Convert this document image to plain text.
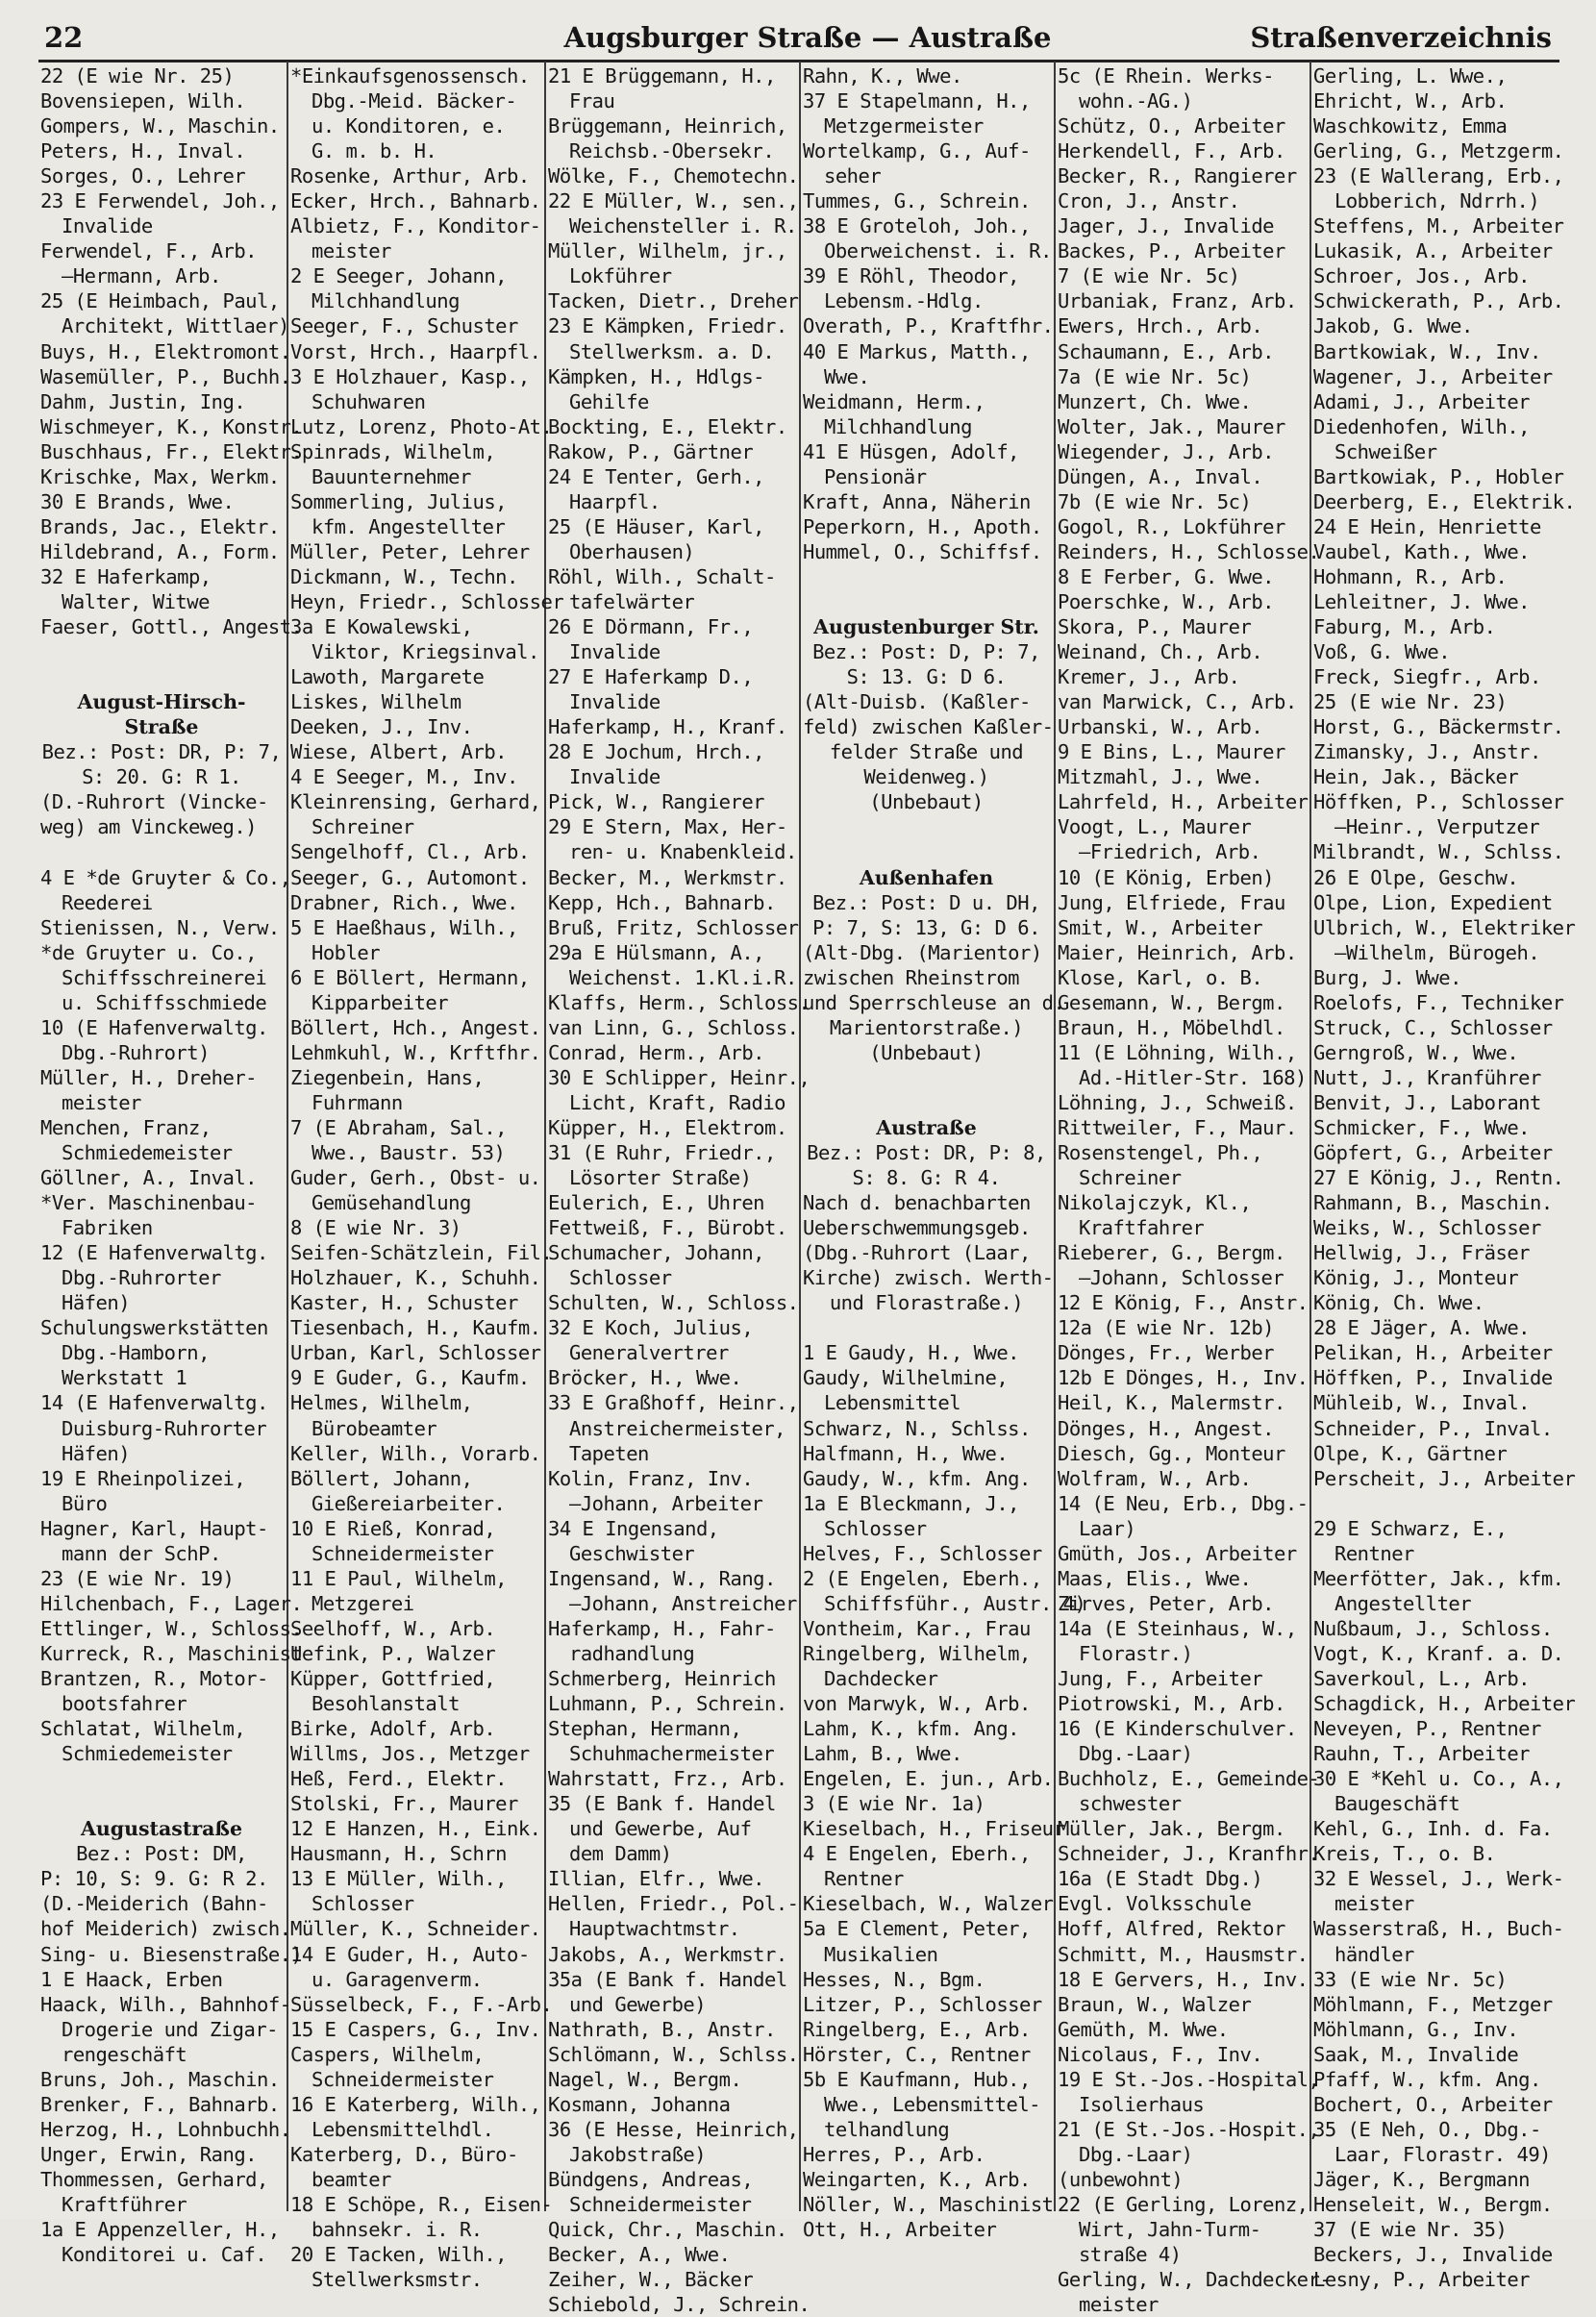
22	Augsburger Straße — Austraße	Straßenverzeichnis
22 (E wie Nr. 25)
Bovensiepen, Wilh.
Gompers, W., Maschin.
Peters, H., Inval.
Sorges, O., Lehrer
23 E Ferwendel, Joh.,
Invalide
Ferwendel, F., Arb.
—Hermann, Arb.
25 (E Heimbach, Paul,
Architekt, Wittlaer)
Buys, H., Elektromont.
Wasemüller, P., Buchh.
Dahm, Justin, Ing.
Wischmeyer, K., Konstr.
Buschhaus, Fr., Elektr.
Krischke, Max, Werkm.
30 E Brands, Wwe.
Brands, Jac., Elektr.
Hildebrand, A., Form.
32 E Haferkamp,
Walter, Witwe
Faeser, Gottl., Angest.
August-Hirsch-
Straße
Bez.: Post: DR, P: 7,
S: 20. G: R 1.
(D.-Ruhrort (Vincke-
weg) am Vinckeweg.)
4 E *de Gruyter & Co.,
Reederei
Stienissen, N., Verw.
*de Gruyter u. Co.,
Schiffsschreinerei
u. Schiffsschmiede
10 (E Hafenverwaltg.
Dbg.-Ruhrort)
Müller, H., Dreher-
meister
Menchen, Franz,
Schmiedemeister
Göllner, A., Inval.
*Ver. Maschinenbau-
Fabriken
12 (E Hafenverwaltg.
Dbg.-Ruhrorter
Häfen)
Schulungswerkstätten
Dbg.-Hamborn,
Werkstatt 1
14 (E Hafenverwaltg.
Duisburg-Ruhrorter
Häfen)
19 E Rheinpolizei,
Büro
Hagner, Karl, Haupt-
mann der SchP.
23 (E wie Nr. 19)
Hilchenbach, F., Lager.
Ettlinger, W., Schloss.
Kurreck, R., Maschinist
Brantzen, R., Motor-
bootsfahrer
Schlatat, Wilhelm,
Schmiedemeister
Augustastraße
Bez.: Post: DM,
P: 10, S: 9. G: R 2.
(D.-Meiderich (Bahn-
hof Meiderich) zwisch.
Sing- u. Biesenstraße.)
1 E Haack, Erben
Haack, Wilh., Bahnhof-
Drogerie und Zigar-
rengeschäft
Bruns, Joh., Maschin.
Brenker, F., Bahnarb.
Herzog, H., Lohnbuchh.
Unger, Erwin, Rang.
Thommessen, Gerhard,
Kraftführer
1a E Appenzeller, H.,
Konditorei u. Caf.
*Einkaufsgenossensch.
Dbg.-Meid. Bäcker-
u. Konditoren, e.
G. m. b. H.
Rosenke, Arthur, Arb.
Ecker, Hrch., Bahnarb.
Albietz, F., Konditor-
meister
2 E Seeger, Johann,
Milchhandlung
Seeger, F., Schuster
Vorst, Hrch., Haarpfl.
3 E Holzhauer, Kasp.,
Schuhwaren
Lutz, Lorenz, Photo-At.
Spinrads, Wilhelm,
Bauunternehmer
Sommerling, Julius,
kfm. Angestellter
Müller, Peter, Lehrer
Dickmann, W., Techn.
Heyn, Friedr., Schlosser
3a E Kowalewski,
Viktor, Kriegsinval.
Lawoth, Margarete
Liskes, Wilhelm
Deeken, J., Inv.
Wiese, Albert, Arb.
4 E Seeger, M., Inv.
Kleinrensing, Gerhard,
Schreiner
Sengelhoff, Cl., Arb.
Seeger, G., Automont.
Drabner, Rich., Wwe.
5 E Haeßhaus, Wilh.,
Hobler
6 E Böllert, Hermann,
Kipparbeiter
Böllert, Hch., Angest.
Lehmkuhl, W., Krftfhr.
Ziegenbein, Hans,
Fuhrmann
7 (E Abraham, Sal.,
Wwe., Baustr. 53)
Guder, Gerh., Obst- u.
Gemüsehandlung
8 (E wie Nr. 3)
Seifen-Schätzlein, Fil.
Holzhauer, K., Schuhh.
Kaster, H., Schuster
Tiesenbach, H., Kaufm.
Urban, Karl, Schlosser
9 E Guder, G., Kaufm.
Helmes, Wilhelm,
Bürobeamter
Keller, Wilh., Vorarb.
Böllert, Johann,
Gießereiarbeiter.
10 E Rieß, Konrad,
Schneidermeister
11 E Paul, Wilhelm,
Metzgerei
Seelhoff, W., Arb.
Uefink, P., Walzer
Küpper, Gottfried,
Besohlanstalt
Birke, Adolf, Arb.
Willms, Jos., Metzger
Heß, Ferd., Elektr.
Stolski, Fr., Maurer
12 E Hanzen, H., Eink.
Hausmann, H., Schrn
13 E Müller, Wilh.,
Schlosser
Müller, K., Schneider.
14 E Guder, H., Auto-
u. Garagenverm.
Süsselbeck, F., F.-Arb.
15 E Caspers, G., Inv.
Caspers, Wilhelm,
Schneidermeister
16 E Katerberg, Wilh.,
Lebensmittelhdl.
Katerberg, D., Büro-
beamter
18 E Schöpe, R., Eisen-
bahnsekr. i. R.
20 E Tacken, Wilh.,
Stellwerksmstr.
21 E Brüggemann, H.,
Frau
Brüggemann, Heinrich,
Reichsb.-Obersekr.
Wölke, F., Chemotechn.
22 E Müller, W., sen.,
Weichensteller i. R.
Müller, Wilhelm, jr.,
Lokführer
Tacken, Dietr., Dreher
23 E Kämpken, Friedr.
Stellwerksm. a. D.
Kämpken, H., Hdlgs-
Gehilfe
Bockting, E., Elektr.
Rakow, P., Gärtner
24 E Tenter, Gerh.,
Haarpfl.
25 (E Häuser, Karl,
Oberhausen)
Röhl, Wilh., Schalt-
tafelwärter
26 E Dörmann, Fr.,
Invalide
27 E Haferkamp D.,
Invalide
Haferkamp, H., Kranf.
28 E Jochum, Hrch.,
Invalide
Pick, W., Rangierer
29 E Stern, Max, Her-
ren- u. Knabenkleid.
Becker, M., Werkmstr.
Kepp, Hch., Bahnarb.
Bruß, Fritz, Schlosser
29a E Hülsmann, A.,
Weichenst. 1.Kl.i.R.
Klaffs, Herm., Schloss.
van Linn, G., Schloss.
Conrad, Herm., Arb.
30 E Schlipper, Heinr.,
Licht, Kraft, Radio
Küpper, H., Elektrom.
31 (E Ruhr, Friedr.,
Lösorter Straße)
Eulerich, E., Uhren
Fettweiß, F., Bürobt.
Schumacher, Johann,
Schlosser
Schulten, W., Schloss.
32 E Koch, Julius,
Generalvertrer
Bröcker, H., Wwe.
33 E Graßhoff, Heinr.,
Anstreichermeister,
Tapeten
Kolin, Franz, Inv.
—Johann, Arbeiter
34 E Ingensand,
Geschwister
Ingensand, W., Rang.
—Johann, Anstreicher
Haferkamp, H., Fahr-
radhandlung
Schmerberg, Heinrich
Luhmann, P., Schrein.
Stephan, Hermann,
Schuhmachermeister
Wahrstatt, Frz., Arb.
35 (E Bank f. Handel
und Gewerbe, Auf
dem Damm)
Illian, Elfr., Wwe.
Hellen, Friedr., Pol.-
Hauptwachtmstr.
Jakobs, A., Werkmstr.
35a (E Bank f. Handel
und Gewerbe)
Nathrath, B., Anstr.
Schlömann, W., Schlss.
Nagel, W., Bergm.
Kosmann, Johanna
36 (E Hesse, Heinrich,
Jakobstraße)
Bündgens, Andreas,
Schneidermeister
Quick, Chr., Maschin.
Becker, A., Wwe.
Zeiher, W., Bäcker
Schiebold, J., Schrein.
Rahn, K., Wwe.
37 E Stapelmann, H.,
Metzgermeister
Wortelkamp, G., Auf-
seher
Tummes, G., Schrein.
38 E Groteloh, Joh.,
Oberweichenst. i. R.
39 E Röhl, Theodor,
Lebensm.-Hdlg.
Overath, P., Kraftfhr.
40 E Markus, Matth.,
Wwe.
Weidmann, Herm.,
Milchhandlung
41 E Hüsgen, Adolf,
Pensionär
Kraft, Anna, Näherin
Peperkorn, H., Apoth.
Hummel, O., Schiffsf.
Augustenburger Str.
Bez.: Post: D, P: 7,
S: 13. G: D 6.
(Alt-Duisb. (Kaßler-
feld) zwischen Kaßler-
felder Straße und
Weidenweg.)
(Unbebaut)
Außenhafen
Bez.: Post: D u. DH,
P: 7, S: 13, G: D 6.
(Alt-Dbg. (Marientor)
zwischen Rheinstrom
und Sperrschleuse an d.
Marientorstraße.)
(Unbebaut)
Austraße
Bez.: Post: DR, P: 8,
S: 8. G: R 4.
Nach d. benachbarten
Ueberschwemmungsgeb.
(Dbg.-Ruhrort (Laar,
Kirche) zwisch. Werth-
und Florastraße.)
1 E Gaudy, H., Wwe.
Gaudy, Wilhelmine,
Lebensmittel
Schwarz, N., Schlss.
Halfmann, H., Wwe.
Gaudy, W., kfm. Ang.
1a E Bleckmann, J.,
Schlosser
Helves, F., Schlosser
2 (E Engelen, Eberh.,
Schiffsführ., Austr. 4)
Vontheim, Kar., Frau
Ringelberg, Wilhelm,
Dachdecker
von Marwyk, W., Arb.
Lahm, K., kfm. Ang.
Lahm, B., Wwe.
Engelen, E. jun., Arb.
3 (E wie Nr. 1a)
Kieselbach, H., Friseur
4 E Engelen, Eberh.,
Rentner
Kieselbach, W., Walzer
5a E Clement, Peter,
Musikalien
Hesses, N., Bgm.
Litzer, P., Schlosser
Ringelberg, E., Arb.
Hörster, C., Rentner
5b E Kaufmann, Hub.,
Wwe., Lebensmittel-
telhandlung
Herres, P., Arb.
Weingarten, K., Arb.
Nöller, W., Maschinist
Ott, H., Arbeiter
5c (E Rhein. Werks-
wohn.-AG.)
Schütz, O., Arbeiter
Herkendell, F., Arb.
Becker, R., Rangierer
Cron, J., Anstr.
Jager, J., Invalide
Backes, P., Arbeiter
7 (E wie Nr. 5c)
Urbaniak, Franz, Arb.
Ewers, Hrch., Arb.
Schaumann, E., Arb.
7a (E wie Nr. 5c)
Munzert, Ch. Wwe.
Wolter, Jak., Maurer
Wiegender, J., Arb.
Düngen, A., Inval.
7b (E wie Nr. 5c)
Gogol, R., Lokführer
Reinders, H., Schlosse.
8 E Ferber, G. Wwe.
Poerschke, W., Arb.
Skora, P., Maurer
Weinand, Ch., Arb.
Kremer, J., Arb.
van Marwick, C., Arb.
Urbanski, W., Arb.
9 E Bins, L., Maurer
Mitzmahl, J., Wwe.
Lahrfeld, H., Arbeiter
Voogt, L., Maurer
—Friedrich, Arb.
10 (E König, Erben)
Jung, Elfriede, Frau
Smit, W., Arbeiter
Maier, Heinrich, Arb.
Klose, Karl, o. B.
Gesemann, W., Bergm.
Braun, H., Möbelhdl.
11 (E Löhning, Wilh.,
Ad.-Hitler-Str. 168)
Löhning, J., Schweiß.
Rittweiler, F., Maur.
Rosenstengel, Ph.,
Schreiner
Nikolajczyk, Kl.,
Kraftfahrer
Rieberer, G., Bergm.
—Johann, Schlosser
12 E König, F., Anstr.
12a (E wie Nr. 12b)
Dönges, Fr., Werber
12b E Dönges, H., Inv.
Heil, K., Malermstr.
Dönges, H., Angest.
Diesch, Gg., Monteur
Wolfram, W., Arb.
14 (E Neu, Erb., Dbg.-
Laar)
Gmüth, Jos., Arbeiter
Maas, Elis., Wwe.
Zirves, Peter, Arb.
14a (E Steinhaus, W.,
Florastr.)
Jung, F., Arbeiter
Piotrowski, M., Arb.
16 (E Kinderschulver.
Dbg.-Laar)
Buchholz, E., Gemeinde-
schwester
Müller, Jak., Bergm.
Schneider, J., Kranfhr.
16a (E Stadt Dbg.)
Evgl. Volksschule
Hoff, Alfred, Rektor
Schmitt, M., Hausmstr.
18 E Gervers, H., Inv.
Braun, W., Walzer
Gemüth, M. Wwe.
Nicolaus, F., Inv.
19 E St.-Jos.-Hospital,
Isolierhaus
21 (E St.-Jos.-Hospit.,
Dbg.-Laar)
(unbewohnt)
22 (E Gerling, Lorenz,
Wirt, Jahn-Turm-
straße 4)
Gerling, W., Dachdecker-
meister
Gerling, L. Wwe.,
Ehricht, W., Arb.
Waschkowitz, Emma
Gerling, G., Metzgerm.
23 (E Wallerang, Erb.,
Lobberich, Ndrrh.)
Steffens, M., Arbeiter
Lukasik, A., Arbeiter
Schroer, Jos., Arb.
Schwickerath, P., Arb.
Jakob, G. Wwe.
Bartkowiak, W., Inv.
Wagener, J., Arbeiter
Adami, J., Arbeiter
Diedenhofen, Wilh.,
Schweißer
Bartkowiak, P., Hobler
Deerberg, E., Elektrik.
24 E Hein, Henriette
Vaubel, Kath., Wwe.
Hohmann, R., Arb.
Lehleitner, J. Wwe.
Faburg, M., Arb.
Voß, G. Wwe.
Freck, Siegfr., Arb.
25 (E wie Nr. 23)
Horst, G., Bäckermstr.
Zimansky, J., Anstr.
Hein, Jak., Bäcker
Höffken, P., Schlosser
—Heinr., Verputzer
Milbrandt, W., Schlss.
26 E Olpe, Geschw.
Olpe, Lion, Expedient
Ulbrich, W., Elektriker
—Wilhelm, Bürogeh.
Burg, J. Wwe.
Roelofs, F., Techniker
Struck, C., Schlosser
Gerngroß, W., Wwe.
Nutt, J., Kranführer
Benvit, J., Laborant
Schmicker, F., Wwe.
Göpfert, G., Arbeiter
27 E König, J., Rentn.
Rahmann, B., Maschin.
Weiks, W., Schlosser
Hellwig, J., Fräser
König, J., Monteur
König, Ch. Wwe.
28 E Jäger, A. Wwe.
Pelikan, H., Arbeiter
Höffken, P., Invalide
Mühleib, W., Inval.
Schneider, P., Inval.
Olpe, K., Gärtner
Perscheit, J., Arbeiter
29 E Schwarz, E.,
Rentner
Meerfötter, Jak., kfm.
Angestellter
Nußbaum, J., Schloss.
Vogt, K., Kranf. a. D.
Saverkoul, L., Arb.
Schagdick, H., Arbeiter
Neveyen, P., Rentner
Rauhn, T., Arbeiter
30 E *Kehl u. Co., A.,
Baugeschäft
Kehl, G., Inh. d. Fa.
Kreis, T., o. B.
32 E Wessel, J., Werk-
meister
Wasserstraß, H., Buch-
händler
33 (E wie Nr. 5c)
Möhlmann, F., Metzger
Möhlmann, G., Inv.
Saak, M., Invalide
Pfaff, W., kfm. Ang.
Bochert, O., Arbeiter
35 (E Neh, O., Dbg.-
Laar, Florastr. 49)
Jäger, K., Bergmann
Henseleit, W., Bergm.
37 (E wie Nr. 35)
Beckers, J., Invalide
Lesny, P., Arbeiter
